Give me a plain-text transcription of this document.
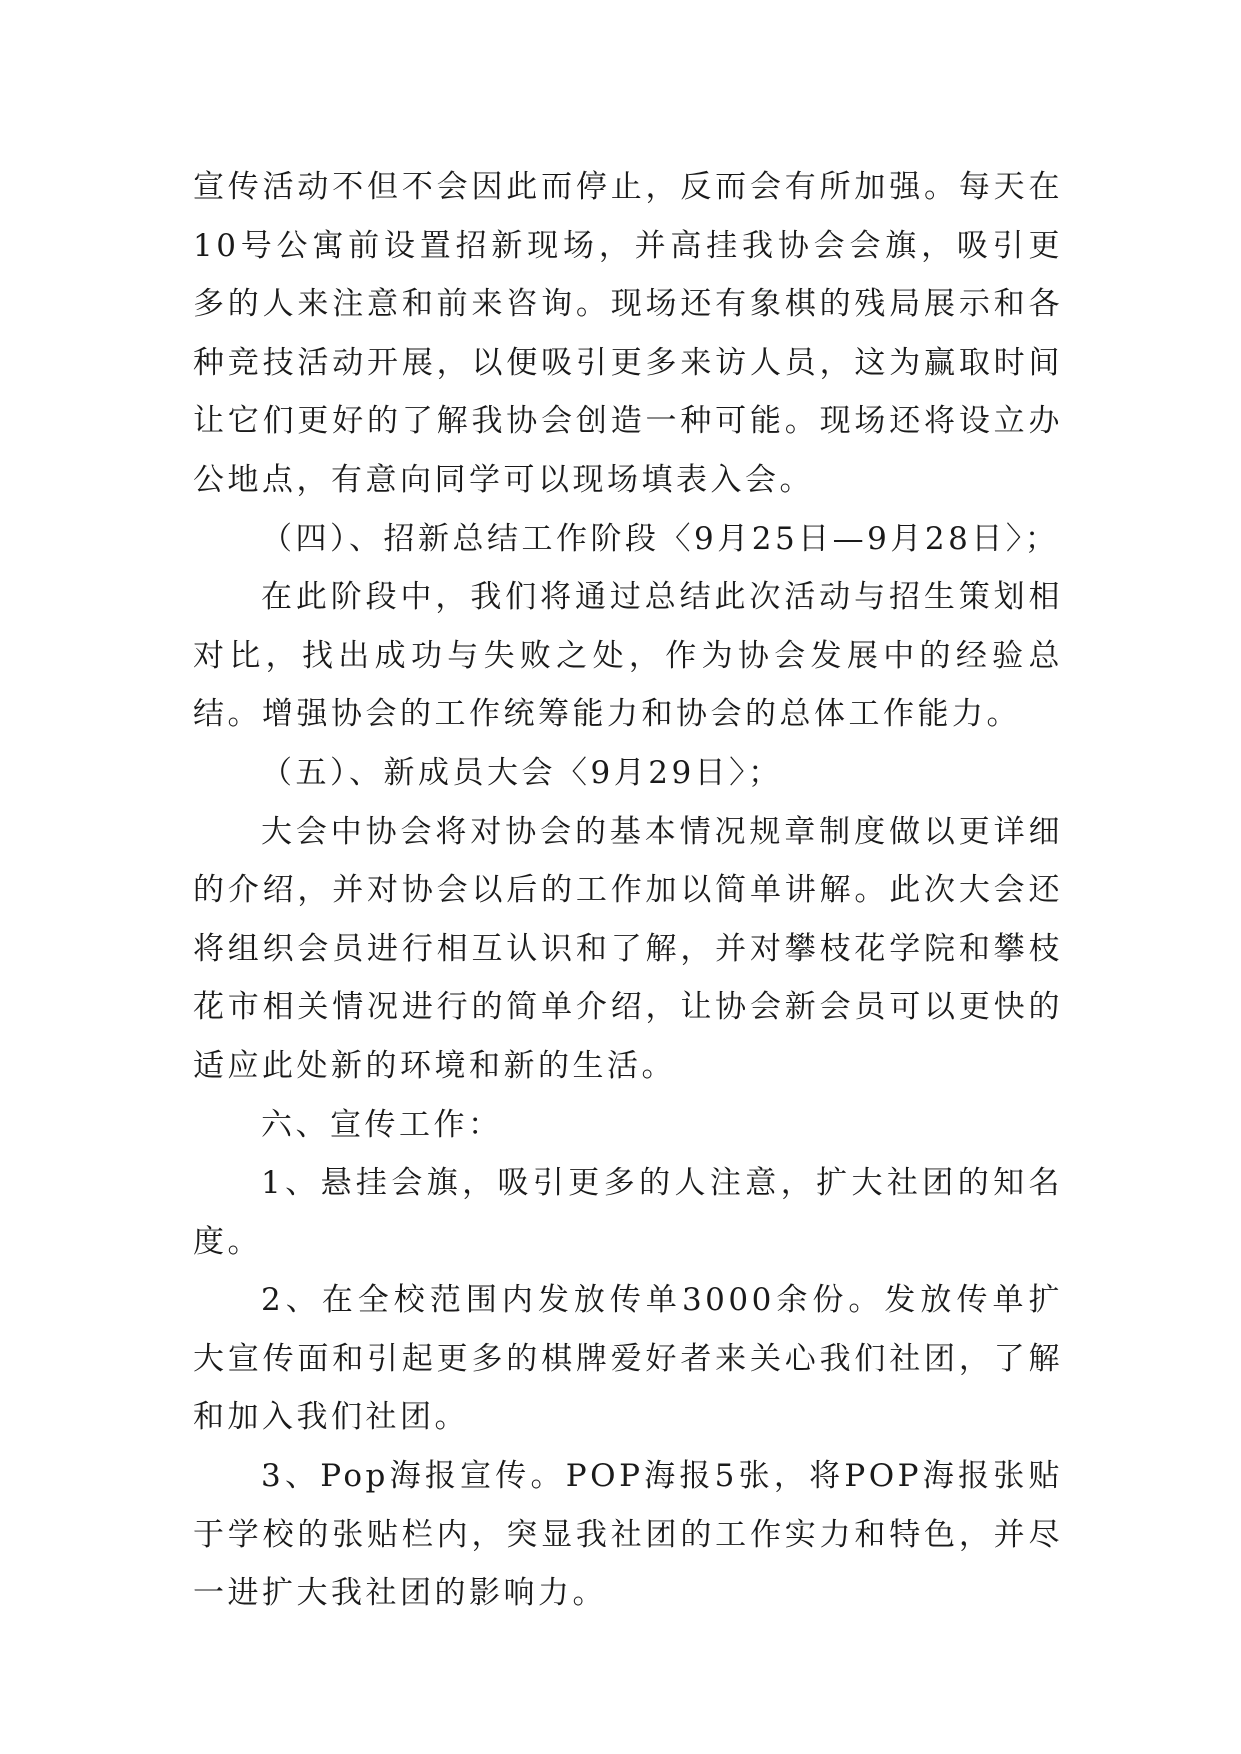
宣传活动不但不会因此而停止，反而会有所加强。每天在10号公寓前设置招新现场，并高挂我协会会旗，吸引更多的人来注意和前来咨询。现场还有象棋的残局展示和各种竞技活动开展，以便吸引更多来访人员，这为赢取时间让它们更好的了解我协会创造一种可能。现场还将设立办公地点，有意向同学可以现场填表入会。

（四）、招新总结工作阶段〈9月25日—9月28日〉；

在此阶段中，我们将通过总结此次活动与招生策划相对比，找出成功与失败之处，作为协会发展中的经验总结。增强协会的工作统筹能力和协会的总体工作能力。

（五）、新成员大会〈9月29日〉；

大会中协会将对协会的基本情况规章制度做以更详细的介绍，并对协会以后的工作加以简单讲解。此次大会还将组织会员进行相互认识和了解，并对攀枝花学院和攀枝花市相关情况进行的简单介绍，让协会新会员可以更快的适应此处新的环境和新的生活。

六、宣传工作：

1、悬挂会旗，吸引更多的人注意，扩大社团的知名度。

2、在全校范围内发放传单3000余份。发放传单扩大宣传面和引起更多的棋牌爱好者来关心我们社团，了解和加入我们社团。

3、Pop海报宣传。POP海报5张，将POP海报张贴于学校的张贴栏内，突显我社团的工作实力和特色，并尽一进扩大我社团的影响力。
